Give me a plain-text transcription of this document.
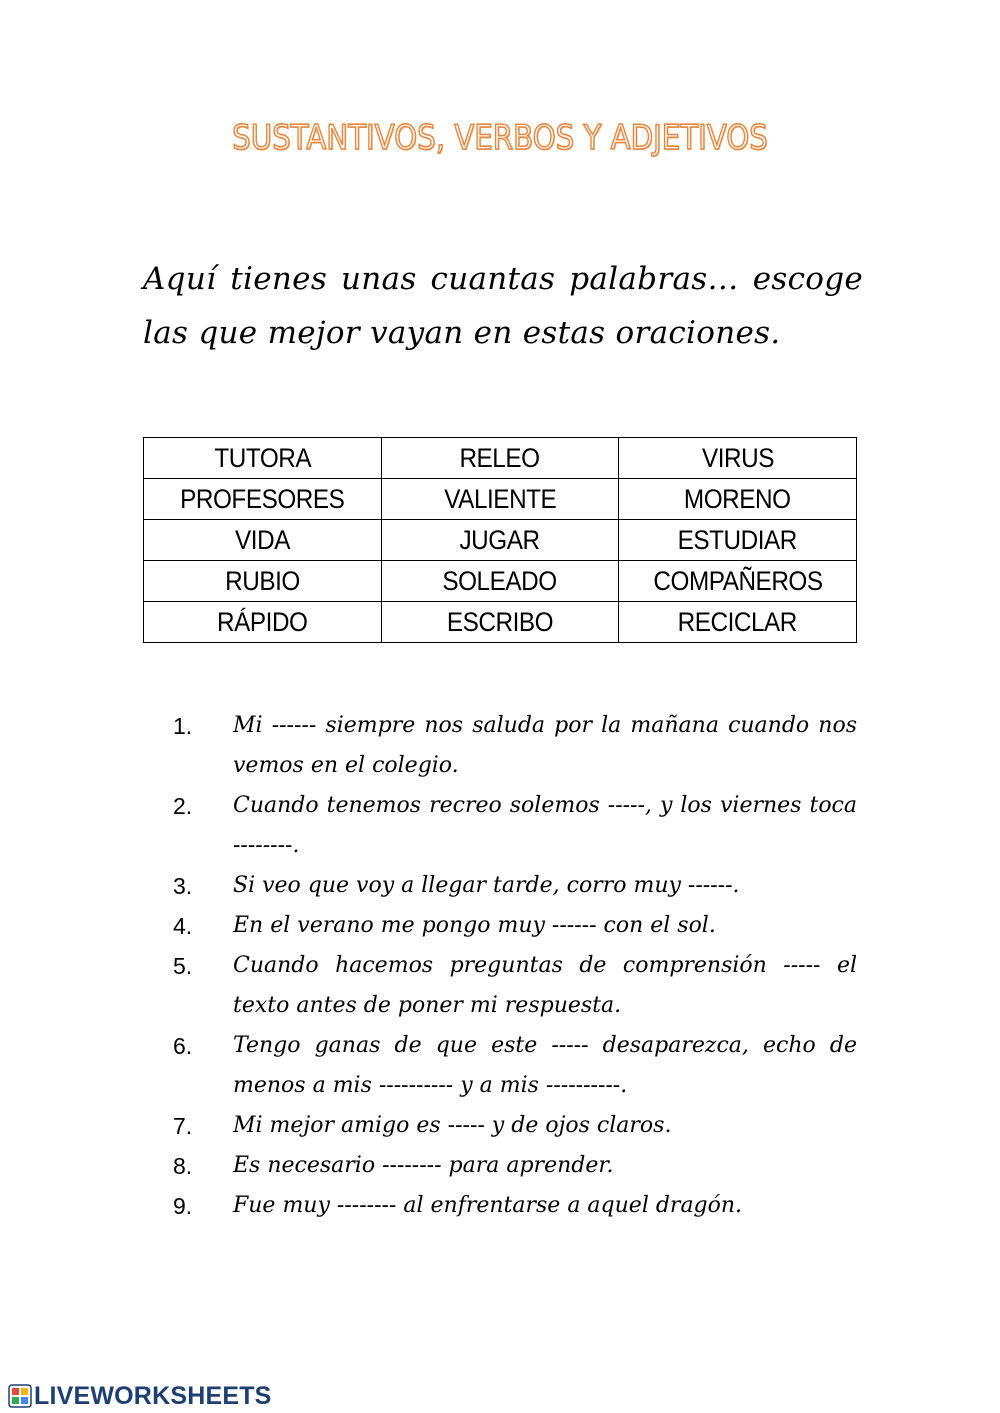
SUSTANTIVOS, VERBOS Y ADJETIVOS
Aquí tienes unas cuantas palabras… escoge las que mejor vayan en estas oraciones.
TUTORA	RELEO	VIRUS
PROFESORES	VALIENTE	MORENO
VIDA	JUGAR	ESTUDIAR
RUBIO	SOLEADO	COMPAÑEROS
RÁPIDO	ESCRIBO	RECICLAR
1.	Mi ------ siempre nos saluda por la mañana cuando nos vemos en el colegio.
2.	Cuando tenemos recreo solemos -----, y los viernes toca --------.
3.	Si veo que voy a llegar tarde, corro muy ------.
4.	En el verano me pongo muy ------ con el sol.
5.	Cuando hacemos preguntas de comprensión ----- el texto antes de poner mi respuesta.
6.	Tengo ganas de que este ----- desaparezca, echo de menos a mis ---------- y a mis ----------.
7.	Mi mejor amigo es ----- y de ojos claros.
8.	Es necesario -------- para aprender.
9.	Fue muy -------- al enfrentarse a aquel dragón.
LIVEWORKSHEETS
